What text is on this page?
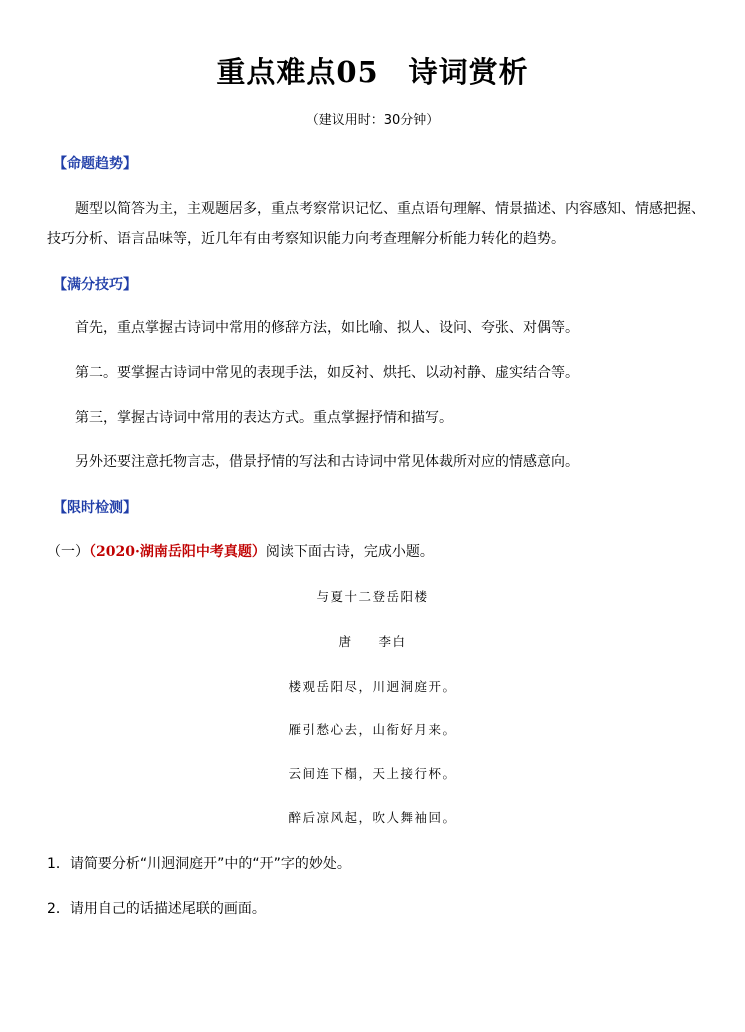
重点难点05　诗词赏析
（建议用时：30分钟）
【命题趋势】
题型以简答为主，主观题居多，重点考察常识记忆、重点语句理解、情景描述、内容感知、情感把握、技巧分析、语言品味等，近几年有由考察知识能力向考查理解分析能力转化的趋势。
【满分技巧】
首先，重点掌握古诗词中常用的修辞方法，如比喻、拟人、设问、夸张、对偶等。
第二。要掌握古诗词中常见的表现手法，如反衬、烘托、以动衬静、虚实结合等。
第三，掌握古诗词中常用的表达方式。重点掌握抒情和描写。
另外还要注意托物言志，借景抒情的写法和古诗词中常见体裁所对应的情感意向。
【限时检测】
（一）（2020·湖南岳阳中考真题）阅读下面古诗，完成小题。
与夏十二登岳阳楼
唐 李白
楼观岳阳尽，川迥洞庭开。
雁引愁心去，山衔好月来。
云间连下榻，天上接行杯。
醉后凉风起，吹人舞袖回。
1．请简要分析“川迥洞庭开”中的“开”字的妙处。
2．请用自己的话描述尾联的画面。
